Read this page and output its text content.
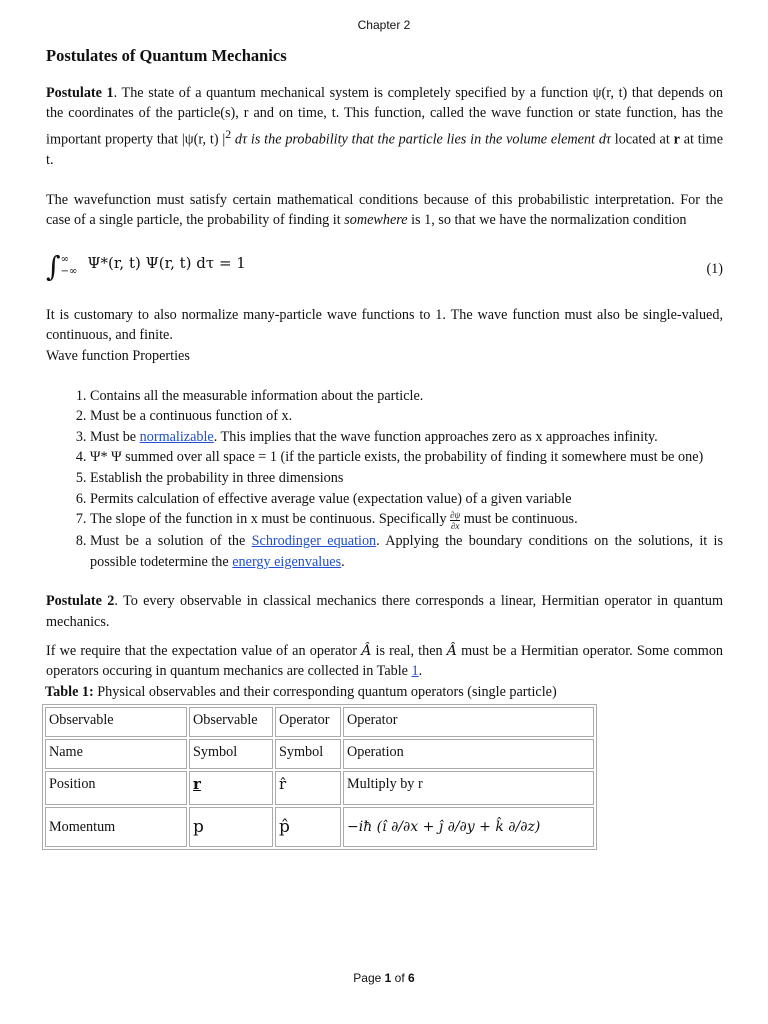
Chapter 2
Postulates of Quantum Mechanics

Postulate 1. The state of a quantum mechanical system is completely specified by a function ψ(r, t) that depends on the coordinates of the particle(s), r and on time, t. This function, called the wave function or state function, has the important property that |ψ(r, t) $|^2$ dτ is the probability that the particle lies in the volume element dτ located at r at time t.

The wavefunction must satisfy certain mathematical conditions because of this probabilistic interpretation. For the case of a single particle, the probability of finding it somewhere is 1, so that we have the normalization condition

∫ ∞
−∞ Ψ*(r, t) Ψ(r, t) dτ = 1	(1)

It is customary to also normalize many-particle wave functions to 1. The wave function must also be single-valued, continuous, and finite.

Wave function Properties

1. Contains all the measurable information about the particle.
2. Must be a continuous function of x.
3. Must be normalizable. This implies that the wave function approaches zero as x approaches infinity.
4. Ψ* Ψ summed over all space = 1 (if the particle exists, the probability of finding it somewhere must be one)
5. Establish the probability in three dimensions
6. Permits calculation of effective average value (expectation value) of a given variable
7. The slope of the function in x must be continuous. Specifically $\frac{\partial\psi}{\partial x}$ must be continuous.
8. Must be a solution of the Schrodinger equation. Applying the boundary conditions on the solutions, it is possible todetermine the energy eigenvalues.

Postulate 2. To every observable in classical mechanics there corresponds a linear, Hermitian operator in quantum mechanics.

If we require that the expectation value of an operator Â is real, then Â must be a Hermitian operator. Some common operators occuring in quantum mechanics are collected in Table 1.

Table 1: Physical observables and their corresponding quantum operators (single particle)
Observable	Observable	Operator	Operator
Name	Symbol	Symbol	Operation
Position	r	r̂	Multiply by r
Momentum	p	p̂	−iħ (î ∂/∂x + ĵ ∂/∂y + k̂ ∂/∂z)
Page 1 of 6
